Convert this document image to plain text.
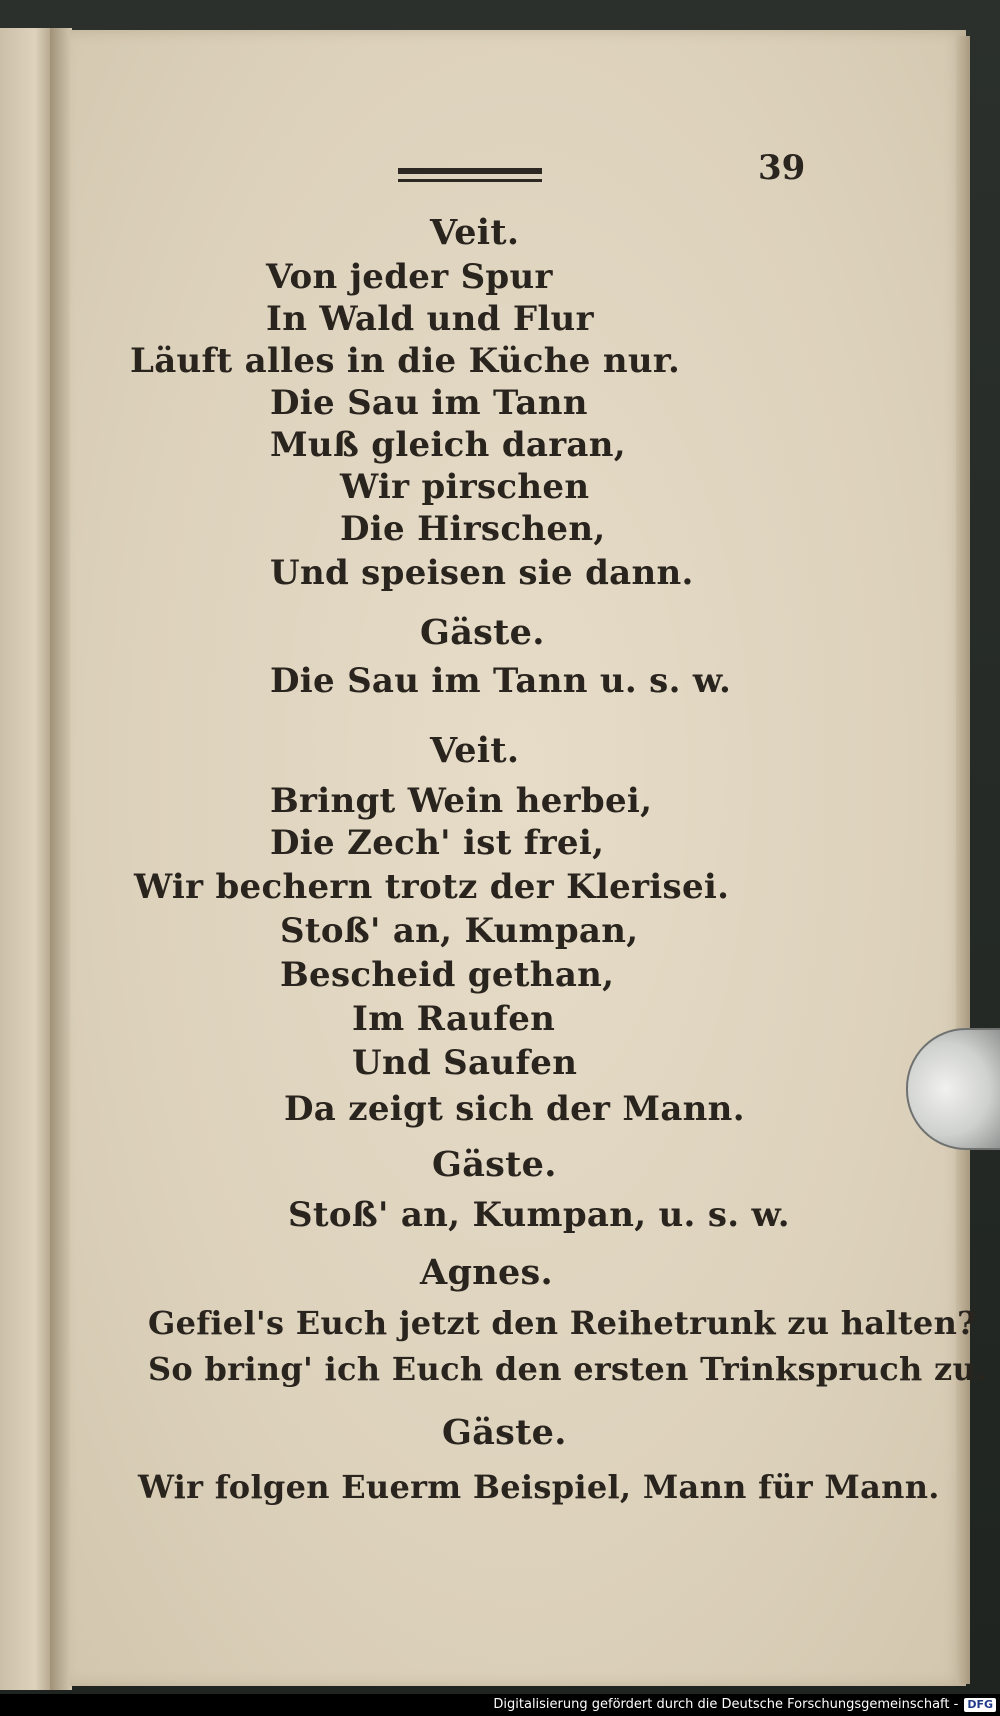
39
Veit.
Von jeder Spur
In Wald und Flur
Läuft alles in die Küche nur.
Die Sau im Tann
Muß gleich daran,
Wir pirschen
Die Hirschen,
Und speisen sie dann.
Gäste.
Die Sau im Tann u. s. w.
Veit.
Bringt Wein herbei,
Die Zech' ist frei,
Wir bechern trotz der Klerisei.
Stoß' an, Kumpan,
Bescheid gethan,
Im Raufen
Und Saufen
Da zeigt sich der Mann.
Gäste.
Stoß' an, Kumpan, u. s. w.
Agnes.
Gefiel's Euch jetzt den Reihetrunk zu halten?
So bring' ich Euch den ersten Trinkspruch zu.
Gäste.
Wir folgen Euerm Beispiel, Mann für Mann.
Digitalisierung gefördert durch die Deutsche Forschungsgemeinschaft - DFG
